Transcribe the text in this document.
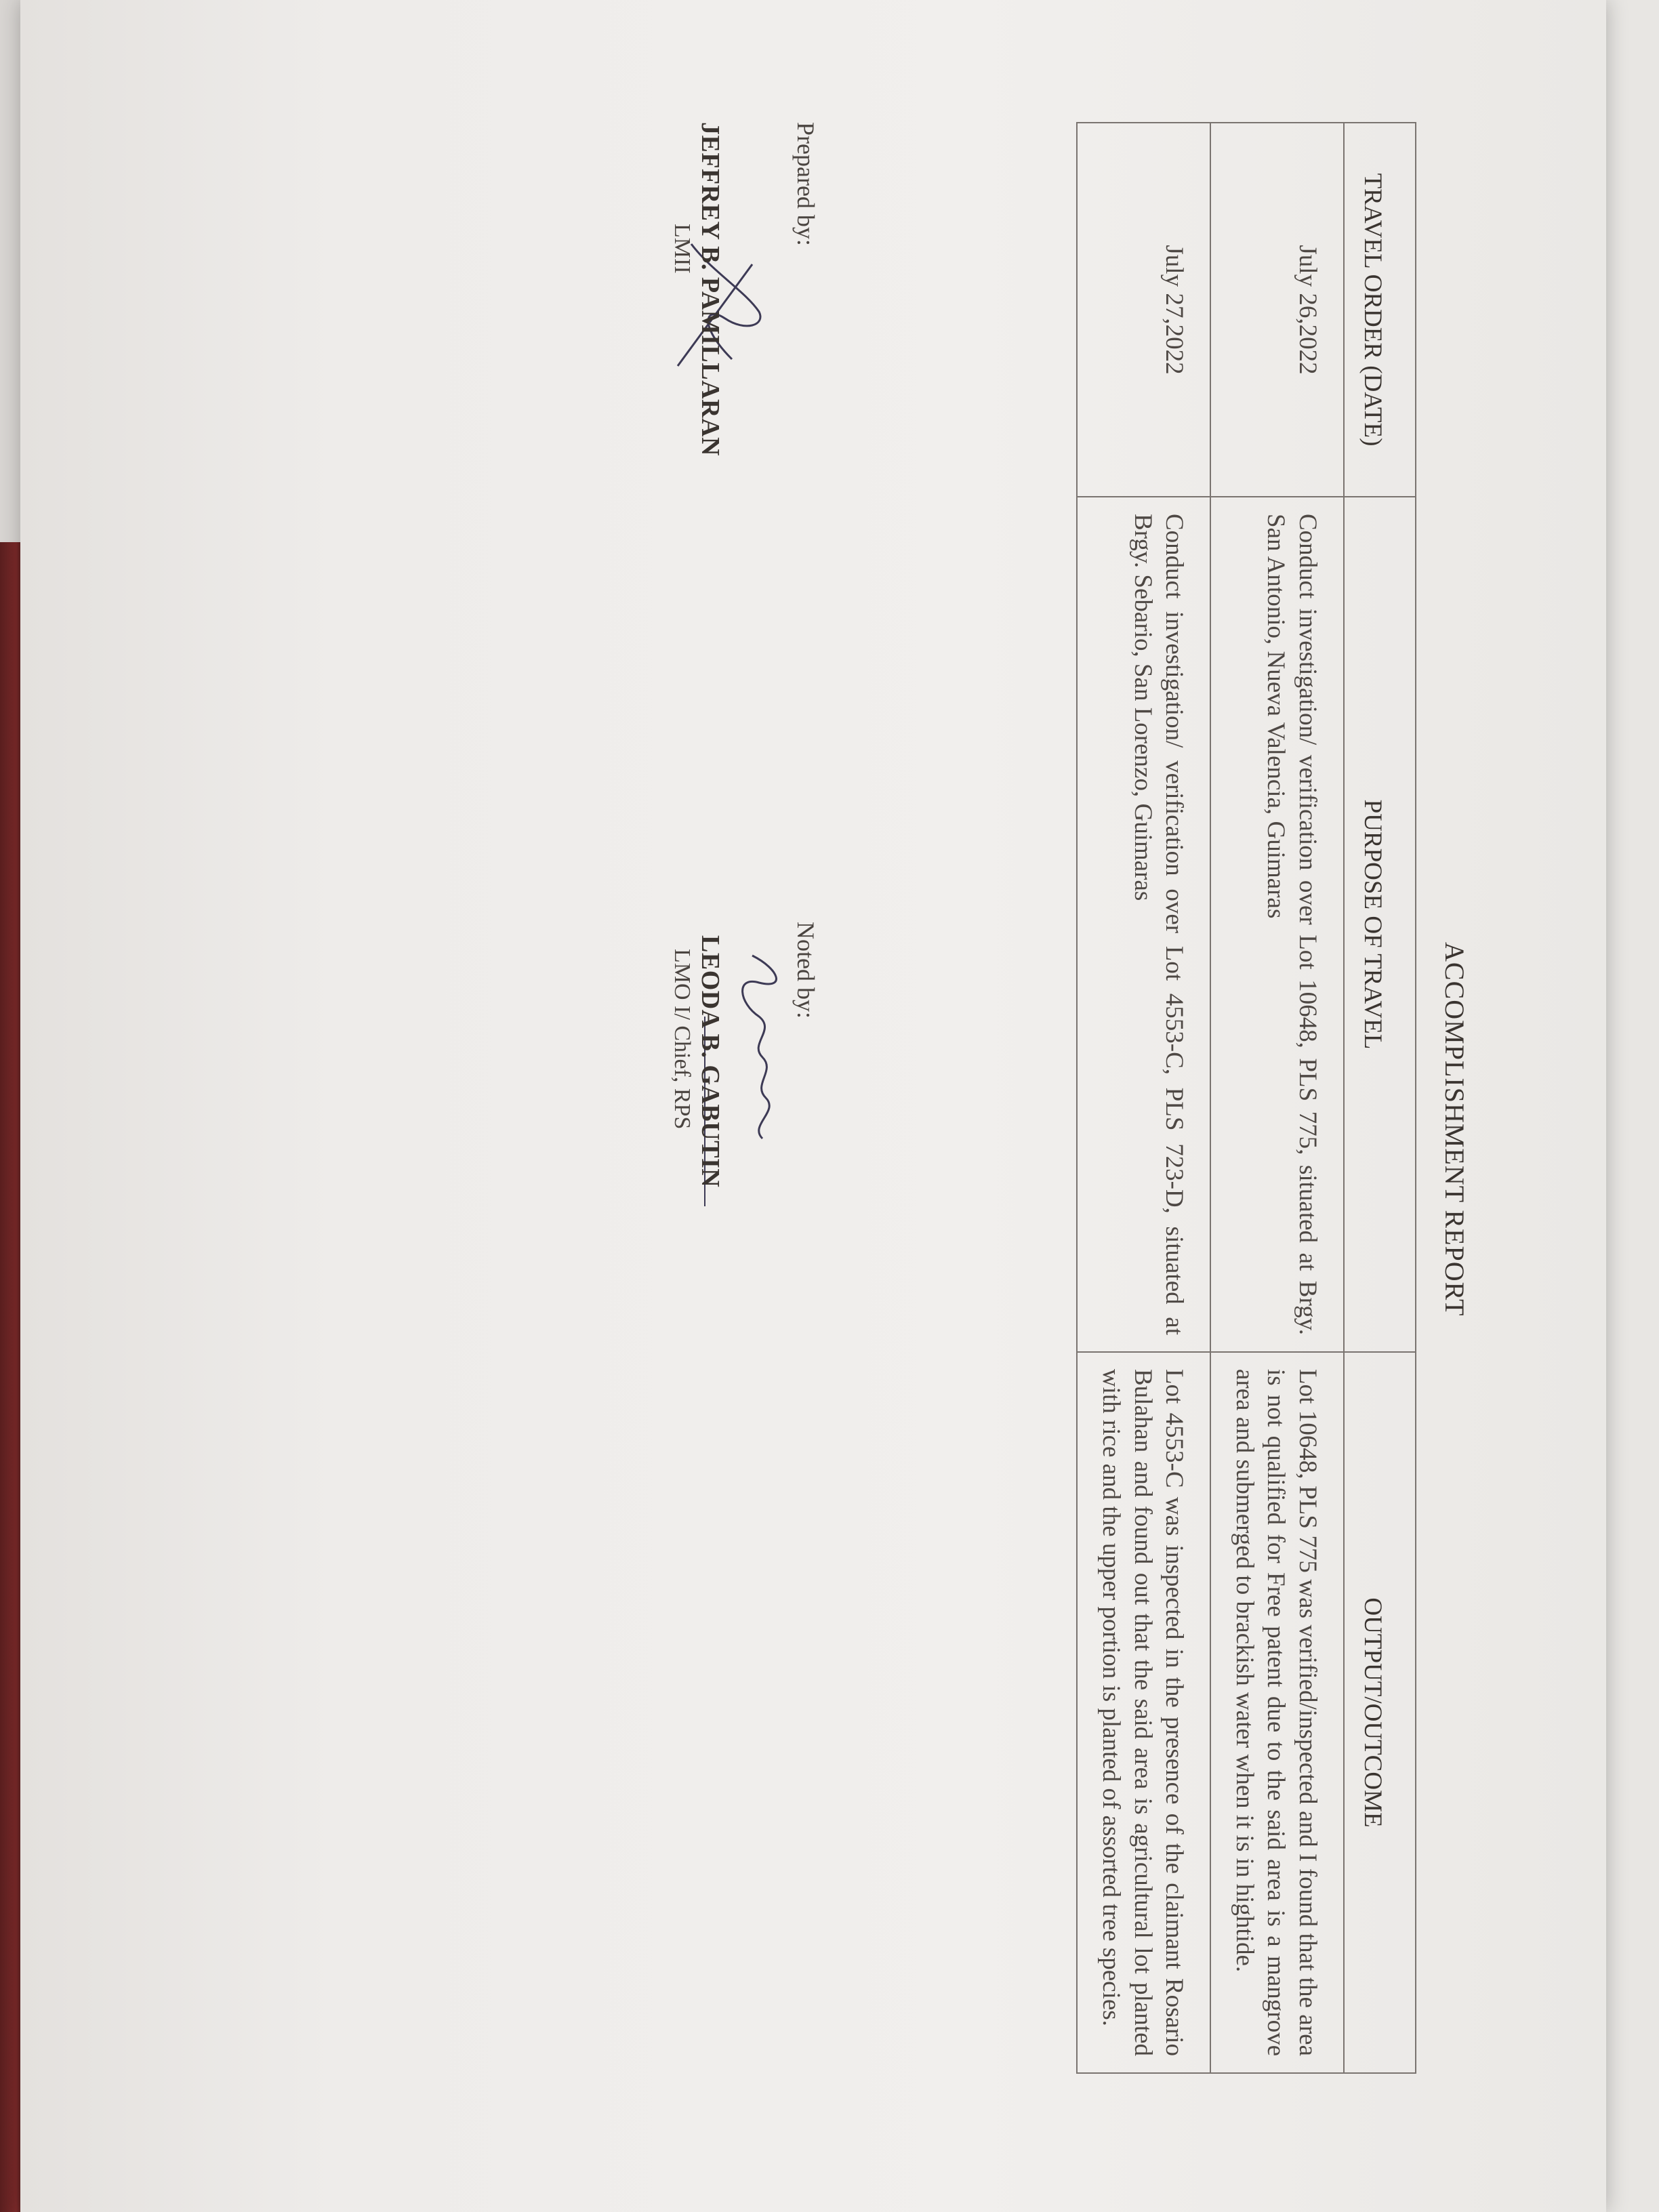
ACCOMPLISHMENT REPORT
TRAVEL ORDER (DATE)	PURPOSE OF TRAVEL	OUTPUT/OUTCOME
July 26,2022	Conduct investigation/ verification over Lot 10648, PLS 775, situated at Brgy. San Antonio, Nueva Valencia, Guimaras	Lot 10648, PLS 775 was verified/inspected and I found that the area is not qualified for Free patent due to the said area is a mangrove area and submerged to brackish water when it is in hightide.
July 27,2022	Conduct investigation/ verification over Lot 4553-C, PLS 723-D, situated at Brgy. Sebario, San Lorenzo, Guimaras	Lot 4553-C was inspected in the presence of the claimant Rosario Bulahan and found out that the said area is agricultural lot planted with rice and the upper portion is planted of assorted tree species.
Prepared by:
JEFFREY B. PAMILLARAN
LMII
Noted by:
LEODA B. GABUTIN
LMO I/ Chief, RPS
